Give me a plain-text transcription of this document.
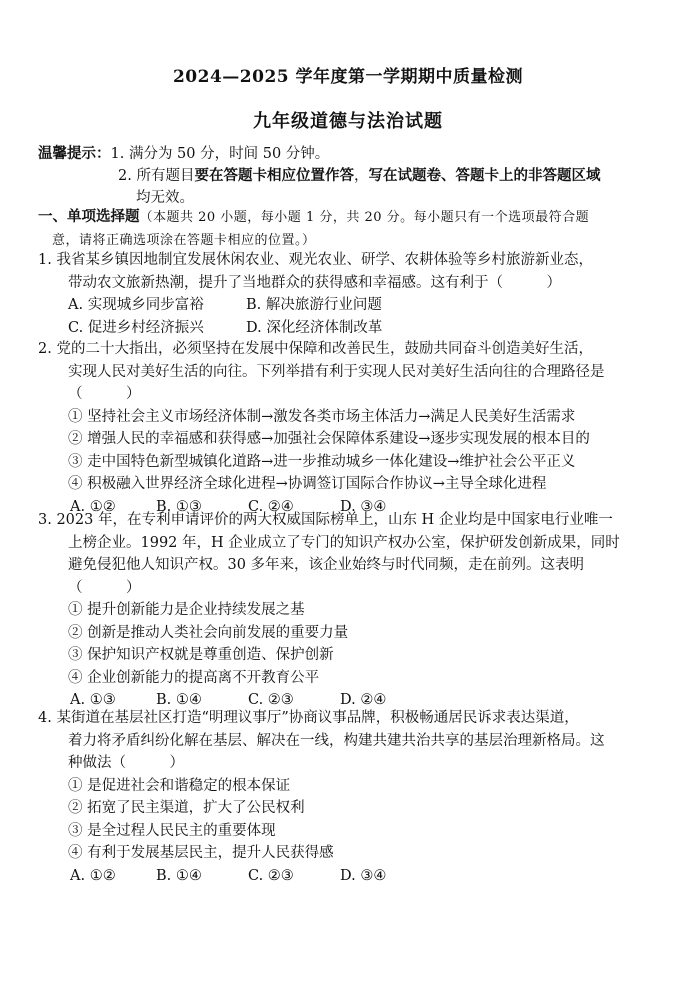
2024—2025 学年度第一学期期中质量检测
九年级道德与法治试题
温馨提示：1. 满分为 50 分，时间 50 分钟。
2. 所有题目要在答题卡相应位置作答，写在试题卷、答题卡上的非答题区域
均无效。
一、单项选择题（本题共 20 小题，每小题 1 分，共 20 分。每小题只有一个选项最符合题
意，请将正确选项涂在答题卡相应的位置。）
1. 我省某乡镇因地制宜发展休闲农业、观光农业、研学、农耕体验等乡村旅游新业态，
带动农文旅新热潮，提升了当地群众的获得感和幸福感。这有利于（　　　）
A. 实现城乡同步富裕	B. 解决旅游行业问题
C. 促进乡村经济振兴	D. 深化经济体制改革
2. 党的二十大指出，必须坚持在发展中保障和改善民生，鼓励共同奋斗创造美好生活，
实现人民对美好生活的向往。下列举措有利于实现人民对美好生活向往的合理路径是
（　　　）
① 坚持社会主义市场经济体制→激发各类市场主体活力→满足人民美好生活需求
② 增强人民的幸福感和获得感→加强社会保障体系建设→逐步实现发展的根本目的
③ 走中国特色新型城镇化道路→进一步推动城乡一体化建设→维护社会公平正义
④ 积极融入世界经济全球化进程→协调签订国际合作协议→主导全球化进程
A. ①②	B. ①③	C. ②④	D. ③④
3. 2023 年，在专利申请评价的两大权威国际榜单上，山东 H 企业均是中国家电行业唯一
上榜企业。1992 年，H 企业成立了专门的知识产权办公室，保护研发创新成果，同时
避免侵犯他人知识产权。30 多年来，该企业始终与时代同频，走在前列。这表明
（　　　）
① 提升创新能力是企业持续发展之基
② 创新是推动人类社会向前发展的重要力量
③ 保护知识产权就是尊重创造、保护创新
④ 企业创新能力的提高离不开教育公平
A. ①③	B. ①④	C. ②③	D. ②④
4. 某街道在基层社区打造“明理议事厅”协商议事品牌，积极畅通居民诉求表达渠道，
着力将矛盾纠纷化解在基层、解决在一线，构建共建共治共享的基层治理新格局。这
种做法（　　　）
① 是促进社会和谐稳定的根本保证
② 拓宽了民主渠道，扩大了公民权利
③ 是全过程人民民主的重要体现
④ 有利于发展基层民主，提升人民获得感
A. ①②	B. ①④	C. ②③	D. ③④
